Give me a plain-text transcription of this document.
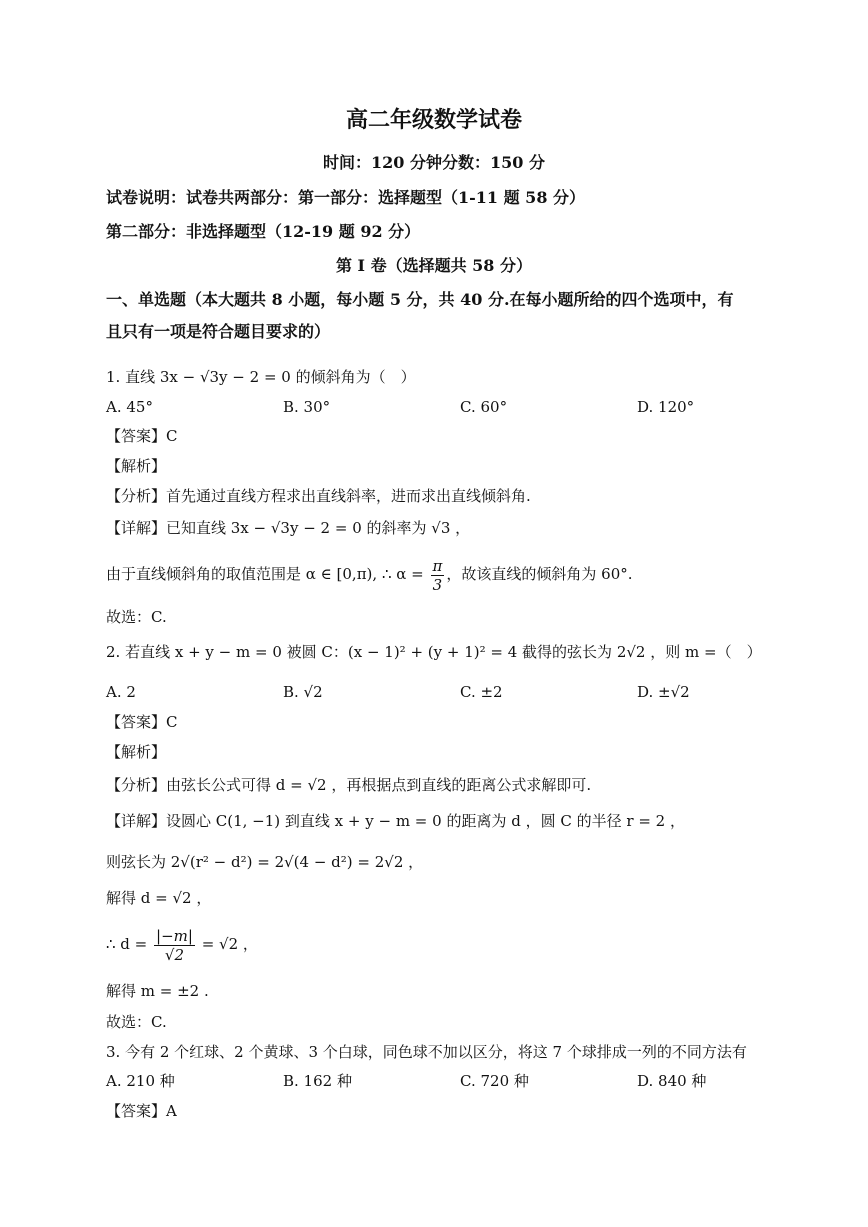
高二年级数学试卷
时间：120 分钟分数：150 分
试卷说明：试卷共两部分：第一部分：选择题型（1-11 题 58 分）
第二部分：非选择题型（12-19 题 92 分）
第 I 卷（选择题共 58 分）
一、单选题（本大题共 8 小题，每小题 5 分，共 40 分.在每小题所给的四个选项中，有
且只有一项是符合题目要求的）
1. 直线 3x − √3y − 2 = 0 的倾斜角为（　）
A. 45°	B. 30°	C. 60°	D. 120°
【答案】C
【解析】
【分析】首先通过直线方程求出直线斜率，进而求出直线倾斜角.
【详解】已知直线 3x − √3y − 2 = 0 的斜率为 √3 ，
由于直线倾斜角的取值范围是 α ∈ [0,π), ∴ $\alpha = \frac{\pi}{3}$ ，故该直线的倾斜角为 60°.
故选：C.
2. 若直线 x + y − m = 0 被圆 C：(x − 1)² + (y + 1)² = 4 截得的弦长为 2√2 ，则 m =（　）
A. 2	B. √2	C. ±2	D. ±√2
【答案】C
【解析】
【分析】由弦长公式可得 d = √2 ，再根据点到直线的距离公式求解即可.
【详解】设圆心 C(1, −1) 到直线 x + y − m = 0 的距离为 d ，圆 C 的半径 r = 2 ，
则弦长为 2√(r² − d²) = 2√(4 − d²) = 2√2 ，
解得 d = √2 ，
∴ $d = \frac{|-m|}{√2} = √2$ ，
解得 m = ±2 .
故选：C.
3. 今有 2 个红球、2 个黄球、3 个白球，同色球不加以区分，将这 7 个球排成一列的不同方法有
A. 210 种	B. 162 种	C. 720 种	D. 840 种
【答案】A
